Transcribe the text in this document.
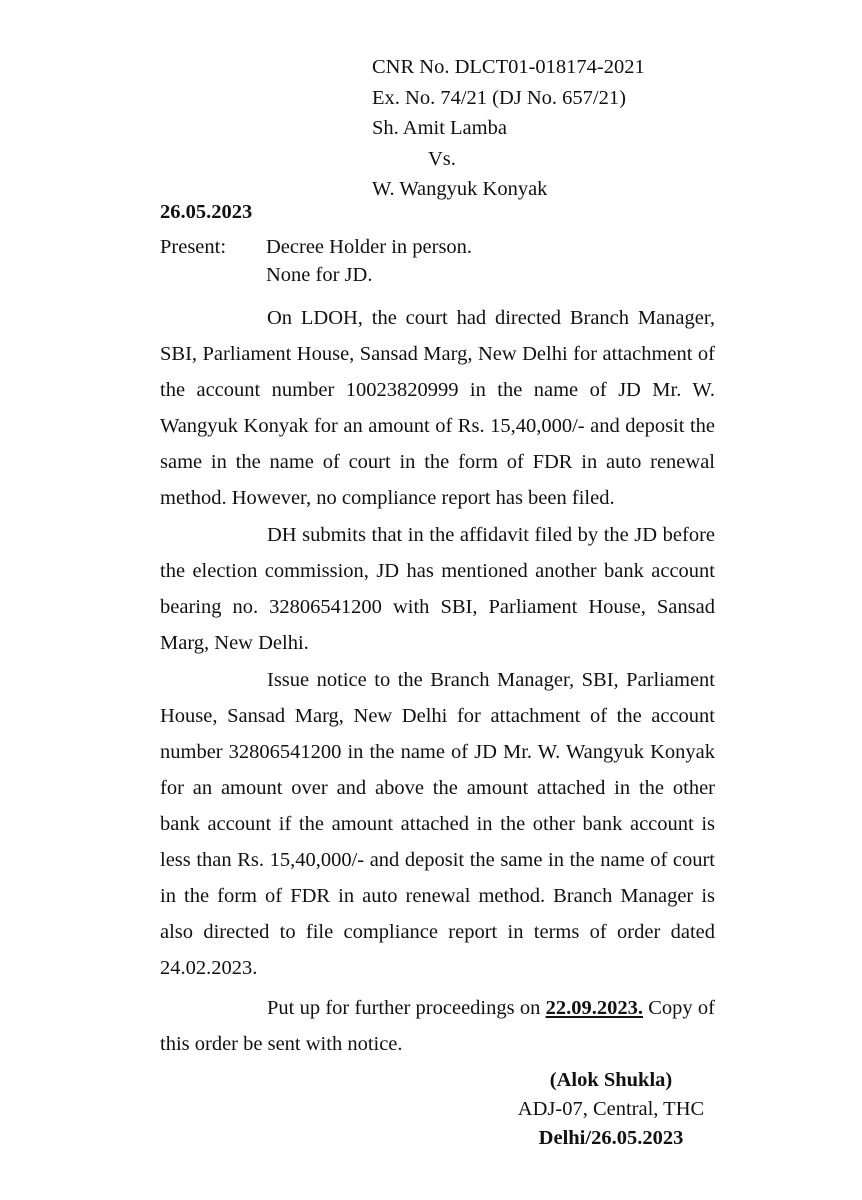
CNR No. DLCT01-018174-2021
Ex. No. 74/21 (DJ No. 657/21)
Sh. Amit Lamba
Vs.
W. Wangyuk Konyak
26.05.2023
Present: Decree Holder in person.
None for JD.

On LDOH, the court had directed Branch Manager, SBI, Parliament House, Sansad Marg, New Delhi for attachment of the account number 10023820999 in the name of JD Mr. W. Wangyuk Konyak for an amount of Rs. 15,40,000/- and deposit the same in the name of court in the form of FDR in auto renewal method. However, no compliance report has been filed.

DH submits that in the affidavit filed by the JD before the election commission, JD has mentioned another bank account bearing no. 32806541200 with SBI, Parliament House, Sansad Marg, New Delhi.

Issue notice to the Branch Manager, SBI, Parliament House, Sansad Marg, New Delhi for attachment of the account number 32806541200 in the name of JD Mr. W. Wangyuk Konyak for an amount over and above the amount attached in the other bank account if the amount attached in the other bank account is less than Rs. 15,40,000/- and deposit the same in the name of court in the form of FDR in auto renewal method. Branch Manager is also directed to file compliance report in terms of order dated 24.02.2023.

Put up for further proceedings on 22.09.2023. Copy of this order be sent with notice.

(Alok Shukla)
ADJ-07, Central, THC
Delhi/26.05.2023
